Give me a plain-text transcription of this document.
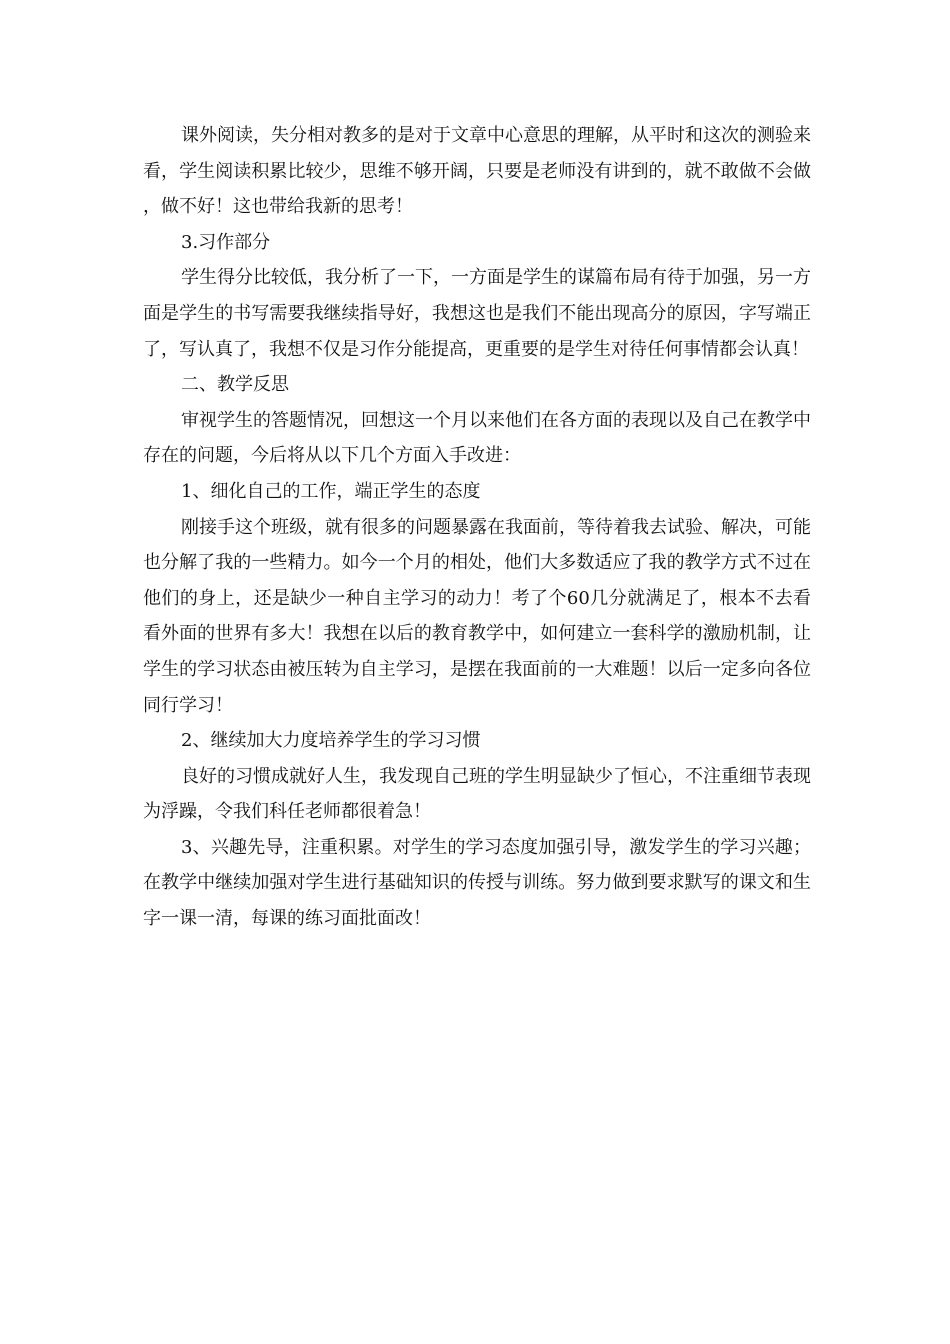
课外阅读，失分相对教多的是对于文章中心意思的理解，从平时和这次的测验来看，学生阅读积累比较少，思维不够开阔，只要是老师没有讲到的，就不敢做不会做，做不好！这也带给我新的思考！

3.习作部分

学生得分比较低，我分析了一下，一方面是学生的谋篇布局有待于加强，另一方面是学生的书写需要我继续指导好，我想这也是我们不能出现高分的原因，字写端正了，写认真了，我想不仅是习作分能提高，更重要的是学生对待任何事情都会认真！

二、教学反思

审视学生的答题情况，回想这一个月以来他们在各方面的表现以及自己在教学中存在的问题，今后将从以下几个方面入手改进：

1、细化自己的工作，端正学生的态度

刚接手这个班级，就有很多的问题暴露在我面前，等待着我去试验、解决，可能也分解了我的一些精力。如今一个月的相处，他们大多数适应了我的教学方式不过在他们的身上，还是缺少一种自主学习的动力！考了个60几分就满足了，根本不去看看外面的世界有多大！我想在以后的教育教学中，如何建立一套科学的激励机制，让学生的学习状态由被压转为自主学习，是摆在我面前的一大难题！以后一定多向各位同行学习！

2、继续加大力度培养学生的学习习惯

良好的习惯成就好人生，我发现自己班的学生明显缺少了恒心，不注重细节表现为浮躁，令我们科任老师都很着急！

3、兴趣先导，注重积累。对学生的学习态度加强引导，激发学生的学习兴趣；在教学中继续加强对学生进行基础知识的传授与训练。努力做到要求默写的课文和生字一课一清，每课的练习面批面改！
